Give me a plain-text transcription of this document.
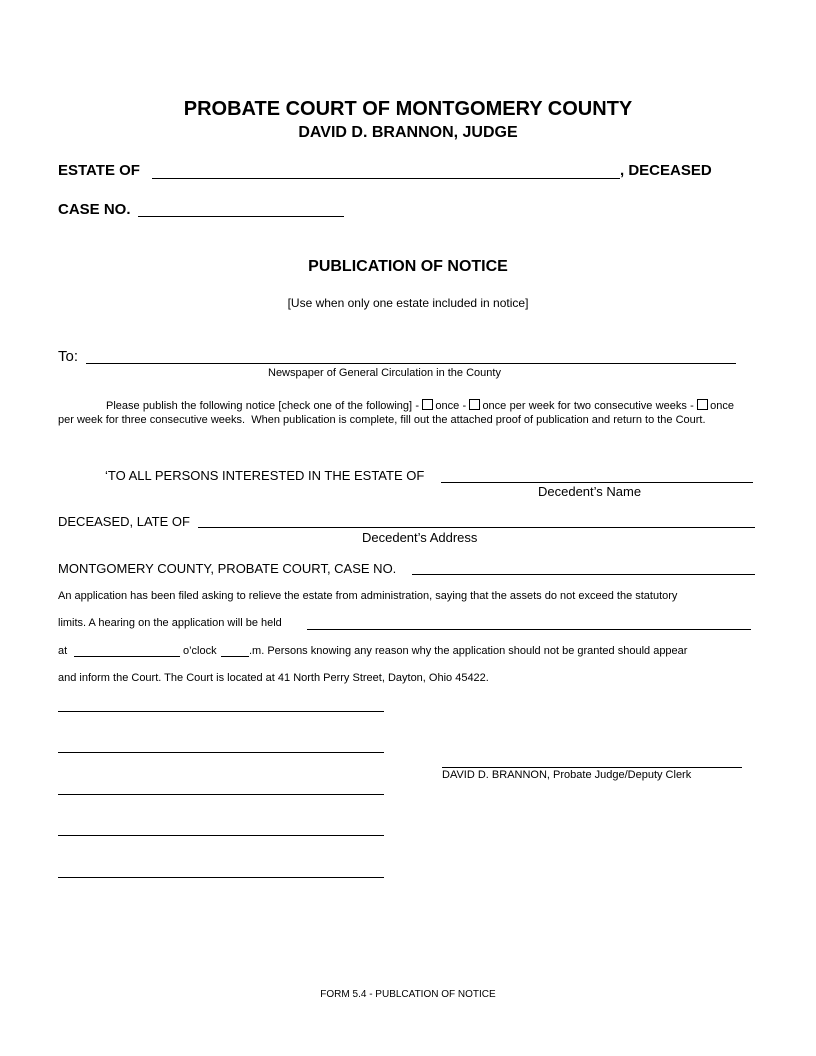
PROBATE COURT OF MONTGOMERY COUNTY
DAVID D. BRANNON, JUDGE
ESTATE OF	, DECEASED
CASE NO.
PUBLICATION OF NOTICE
[Use when only one estate included in notice]
To:
Newspaper of General Circulation in the County
Please publish the following notice [check one of the following] - once - once per week for two consecutive weeks - once per week for three consecutive weeks. When publication is complete, fill out the attached proof of publication and return to the Court.
‘TO ALL PERSONS INTERESTED IN THE ESTATE OF
Decedent’s Name
DECEASED, LATE OF
Decedent’s Address
MONTGOMERY COUNTY, PROBATE COURT, CASE NO.
An application has been filed asking to relieve the estate from administration, saying that the assets do not exceed the statutory
limits. A hearing on the application will be held
at	o’clock	.m. Persons knowing any reason why the application should not be granted should appear
and inform the Court. The Court is located at 41 North Perry Street, Dayton, Ohio 45422.
DAVID D. BRANNON, Probate Judge/Deputy Clerk
FORM 5.4 - PUBLCATION OF NOTICE
